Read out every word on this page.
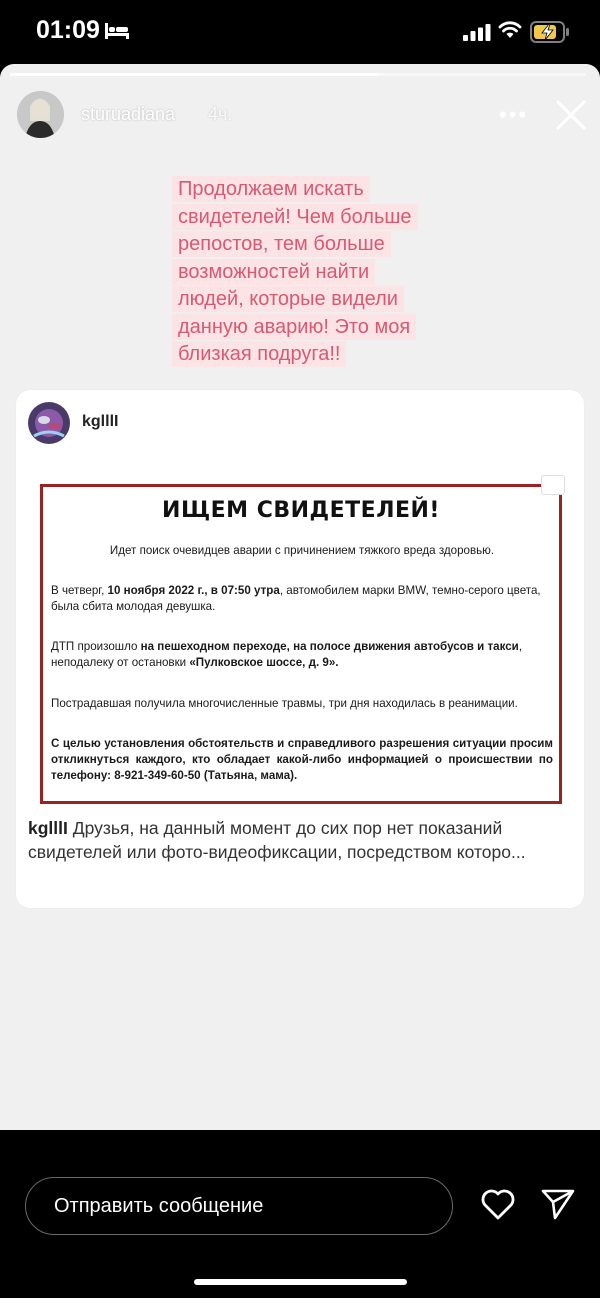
01:09
sturuadiana 4ч.	•••
Продолжаем искать
свидетелей! Чем больше
репостов, тем больше
возможностей найти
людей, которые видели
данную аварию! Это моя
близкая подруга!!
kglllI
ИЩЕМ СВИДЕТЕЛЕЙ!
Идет поиск очевидцев аварии с причинением тяжкого вреда здоровью.
В четверг, 10 ноября 2022 г., в 07:50 утра, автомобилем марки BMW, темно-серого цвета, была сбита молодая девушка.
ДТП произошло на пешеходном переходе, на полосе движения автобусов и такси, неподалеку от остановки «Пулковское шоссе, д. 9».
Пострадавшая получила многочисленные травмы, три дня находилась в реанимации.
С целью установления обстоятельств и справедливого разрешения ситуации просим откликнуться каждого, кто обладает какой-либо информацией о происшествии по телефону: 8-921-349-60-50 (Татьяна, мама).
kglllI Друзья, на данный момент до сих пор нет показаний
свидетелей или фото-видеофиксации, посредством которо...
Отправить сообщение
